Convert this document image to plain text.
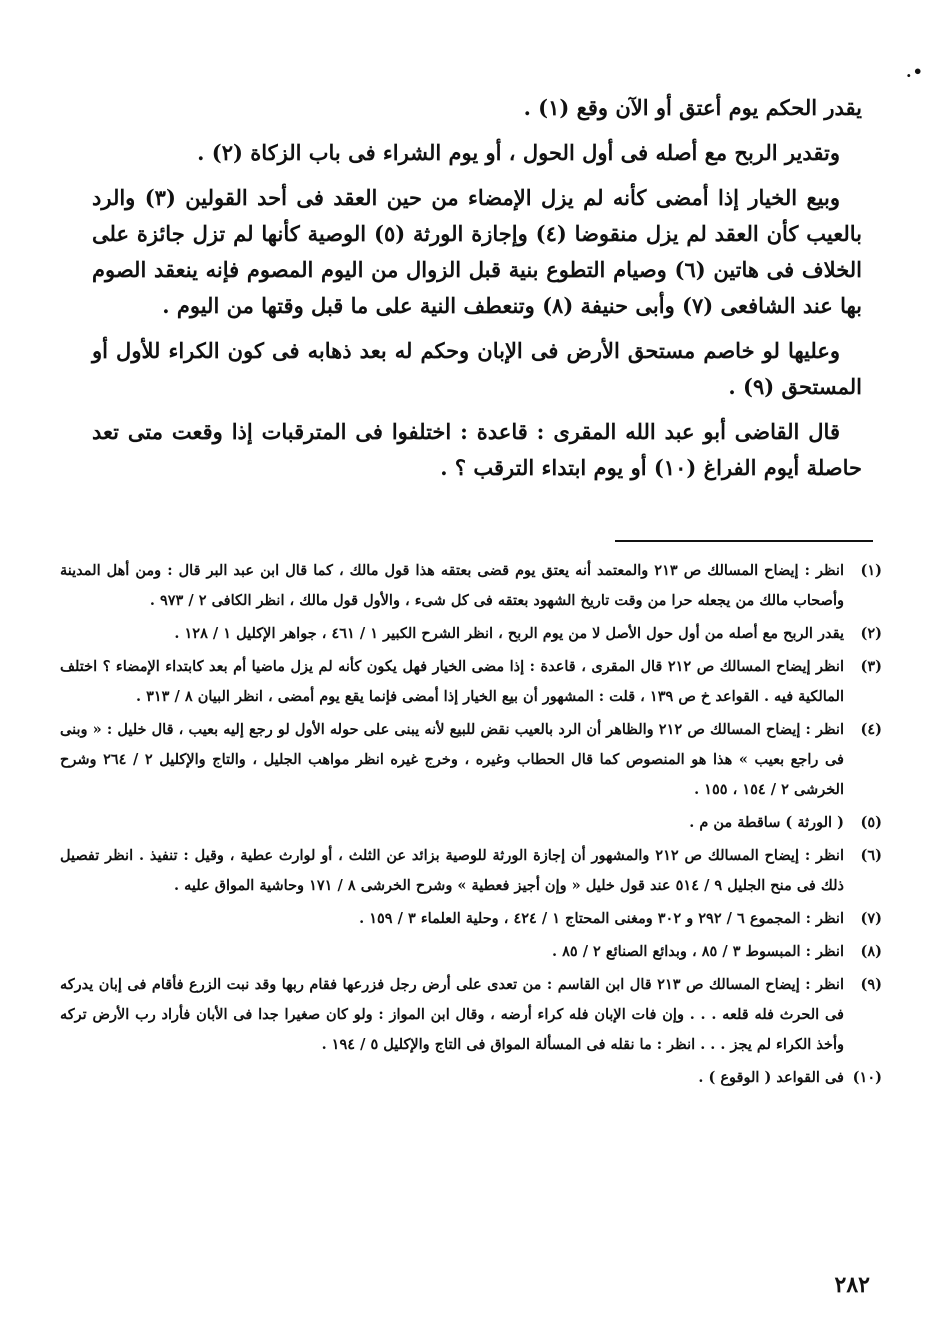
•.

يقدر الحكم يوم أعتق أو الآن وقع (١) .

وتقدير الربح مع أصله فى أول الحول ، أو يوم الشراء فى باب الزكاة (٢) .

وبيع الخيار إذا أمضى كأنه لم يزل الإمضاء من حين العقد فى أحد القولين (٣) والرد بالعيب كأن العقد لم يزل منقوضا (٤) وإجازة الورثة (٥) الوصية كأنها لم تزل جائزة على الخلاف فى هاتين (٦) وصيام التطوع بنية قبل الزوال من اليوم المصوم فإنه ينعقد الصوم بها عند الشافعى (٧) وأبى حنيفة (٨) وتنعطف النية على ما قبل وقتها من اليوم .

وعليها لو خاصم مستحق الأرض فى الإبان وحكم له بعد ذهابه فى كون الكراء للأول أو المستحق (٩) .

قال القاضى أبو عبد الله المقرى : قاعدة : اختلفوا فى المترقبات إذا وقعت متى تعد حاصلة أيوم الفراغ (١٠) أو يوم ابتداء الترقب ؟ .

(١)
انظر : إيضاح المسالك ص ٢١٣ والمعتمد أنه يعتق يوم قضى بعتقه هذا قول مالك ، كما قال ابن عبد البر قال : ومن أهل المدينة وأصحاب مالك من يجعله حرا من وقت تاريخ الشهود بعتقه فى كل شىء ، والأول قول مالك ، انظر الكافى ٢ / ٩٧٣ .
(٢)
يقدر الربح مع أصله من أول حول الأصل لا من يوم الربح ، انظر الشرح الكبير ١ / ٤٦١ ، جواهر الإكليل ١ / ١٢٨ .
(٣)
انظر إيضاح المسالك ص ٢١٢ قال المقرى ، قاعدة : إذا مضى الخيار فهل يكون كأنه لم يزل ماضيا أم بعد كابتداء الإمضاء ؟ اختلف المالكية فيه . القواعد خ ص ١٣٩ ، قلت : المشهور أن بيع الخيار إذا أمضى فإنما يقع يوم أمضى ، انظر البيان ٨ / ٣١٣ .
(٤)
انظر : إيضاح المسالك ص ٢١٢ والظاهر أن الرد بالعيب نقض للبيع لأنه يبنى على حوله الأول لو رجع إليه بعيب ، قال خليل : « وبنى فى راجع بعيب » هذا هو المنصوص كما قال الحطاب وغيره ، وخرج غيره انظر مواهب الجليل ، والتاج والإكليل ٢ / ٢٦٤ وشرح الخرشى ٢ / ١٥٤ ، ١٥٥ .
(٥)
( الورثة ) ساقطة من م .
(٦)
انظر : إيضاح المسالك ص ٢١٢ والمشهور أن إجازة الورثة للوصية بزائد عن الثلث ، أو لوارث عطية ، وقيل : تنفيذ . انظر تفصيل ذلك فى منح الجليل ٩ / ٥١٤ عند قول خليل « وإن أجيز فعطية » وشرح الخرشى ٨ / ١٧١ وحاشية المواق عليه .
(٧)
انظر : المجموع ٦ / ٢٩٢ و ٣٠٢ ومغنى المحتاج ١ / ٤٢٤ ، وحلية العلماء ٣ / ١٥٩ .
(٨)
انظر : المبسوط ٣ / ٨٥ ، وبدائع الصنائع ٢ / ٨٥ .
(٩)
انظر : إيضاح المسالك ص ٢١٣ قال ابن القاسم : من تعدى على أرض رجل فزرعها فقام ربها وقد نبت الزرع فأقام فى إبان يدركه فى الحرث فله قلعه . . . وإن فات الإبان فله كراء أرضه ، وقال ابن المواز : ولو كان صغيرا جدا فى الأبان فأراد رب الأرض تركه وأخذ الكراء لم يجز . . . انظر : ما نقله فى المسألة المواق فى التاج والإكليل ٥ / ١٩٤ .
(١٠)
فى القواعد ( الوقوع ) .
٢٨٢
